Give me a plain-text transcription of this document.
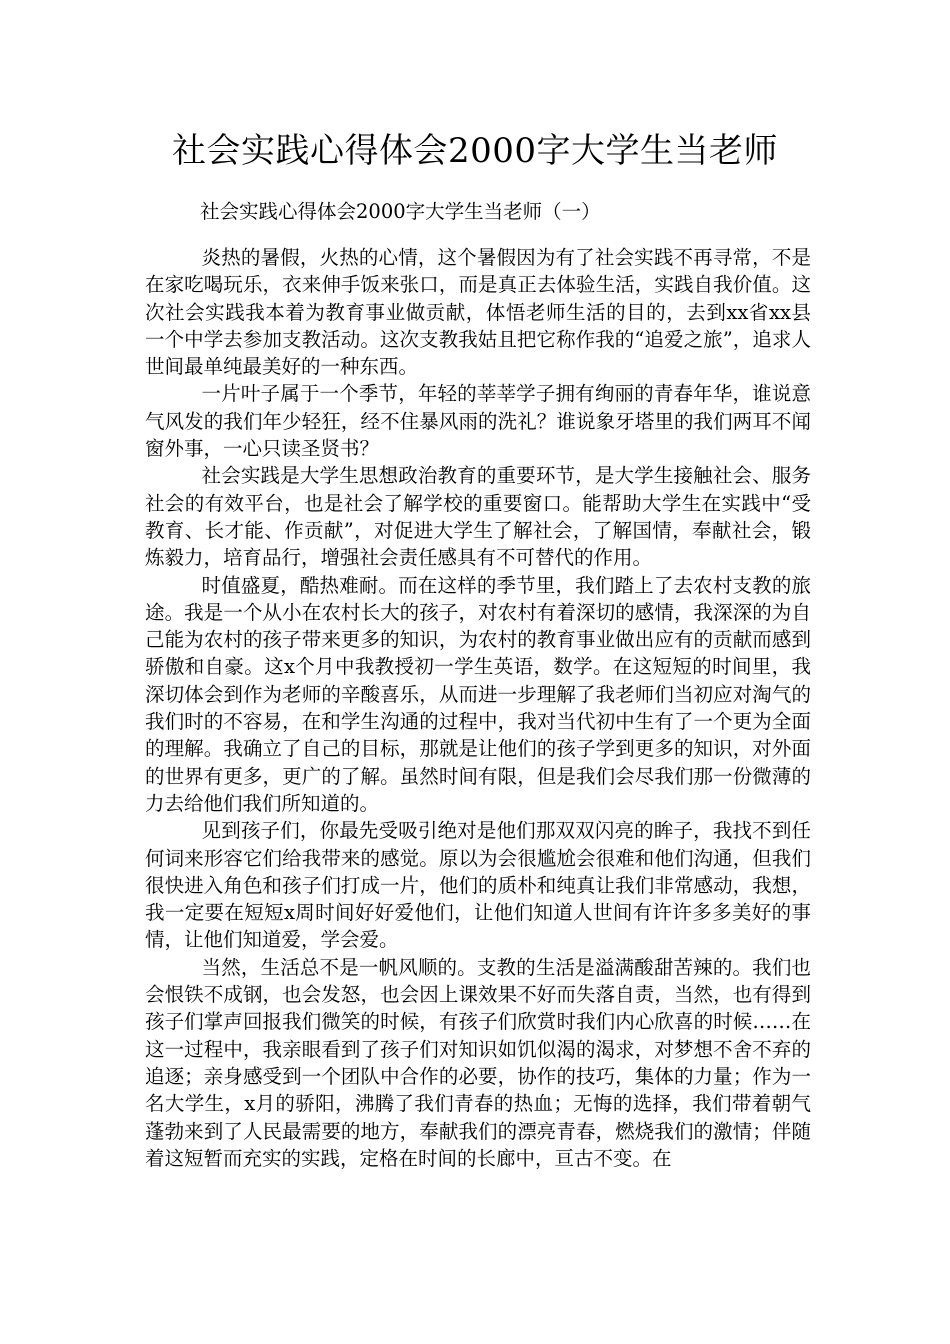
社会实践心得体会2000字大学生当老师

社会实践心得体会2000字大学生当老师（一）

炎热的暑假，火热的心情，这个暑假因为有了社会实践不再寻常，不是在家吃喝玩乐，衣来伸手饭来张口，而是真正去体验生活，实践自我价值。这次社会实践我本着为教育事业做贡献，体悟老师生活的目的，去到xx省xx县一个中学去参加支教活动。这次支教我姑且把它称作我的“追爱之旅”，追求人世间最单纯最美好的一种东西。

一片叶子属于一个季节，年轻的莘莘学子拥有绚丽的青春年华，谁说意气风发的我们年少轻狂，经不住暴风雨的洗礼？谁说象牙塔里的我们两耳不闻窗外事，一心只读圣贤书？

社会实践是大学生思想政治教育的重要环节，是大学生接触社会、服务社会的有效平台，也是社会了解学校的重要窗口。能帮助大学生在实践中“受教育、长才能、作贡献”，对促进大学生了解社会，了解国情，奉献社会，锻炼毅力，培育品行，增强社会责任感具有不可替代的作用。

时值盛夏，酷热难耐。而在这样的季节里，我们踏上了去农村支教的旅途。我是一个从小在农村长大的孩子，对农村有着深切的感情，我深深的为自己能为农村的孩子带来更多的知识，为农村的教育事业做出应有的贡献而感到骄傲和自豪。这x个月中我教授初一学生英语，数学。在这短短的时间里，我深切体会到作为老师的辛酸喜乐，从而进一步理解了我老师们当初应对淘气的我们时的不容易，在和学生沟通的过程中，我对当代初中生有了一个更为全面的理解。我确立了自己的目标，那就是让他们的孩子学到更多的知识，对外面的世界有更多，更广的了解。虽然时间有限，但是我们会尽我们那一份微薄的力去给他们我们所知道的。

见到孩子们，你最先受吸引绝对是他们那双双闪亮的眸子，我找不到任何词来形容它们给我带来的感觉。原以为会很尴尬会很难和他们沟通，但我们很快进入角色和孩子们打成一片，他们的质朴和纯真让我们非常感动，我想，我一定要在短短x周时间好好爱他们，让他们知道人世间有许许多多美好的事情，让他们知道爱，学会爱。

当然，生活总不是一帆风顺的。支教的生活是溢满酸甜苦辣的。我们也会恨铁不成钢，也会发怒，也会因上课效果不好而失落自责，当然，也有得到孩子们掌声回报我们微笑的时候，有孩子们欣赏时我们内心欣喜的时候……在这一过程中，我亲眼看到了孩子们对知识如饥似渴的渴求，对梦想不舍不弃的追逐；亲身感受到一个团队中合作的必要，协作的技巧，集体的力量；作为一名大学生，x月的骄阳，沸腾了我们青春的热血；无悔的选择，我们带着朝气蓬勃来到了人民最需要的地方，奉献我们的漂亮青春，燃烧我们的激情；伴随着这短暂而充实的实践，定格在时间的长廊中，亘古不变。在
